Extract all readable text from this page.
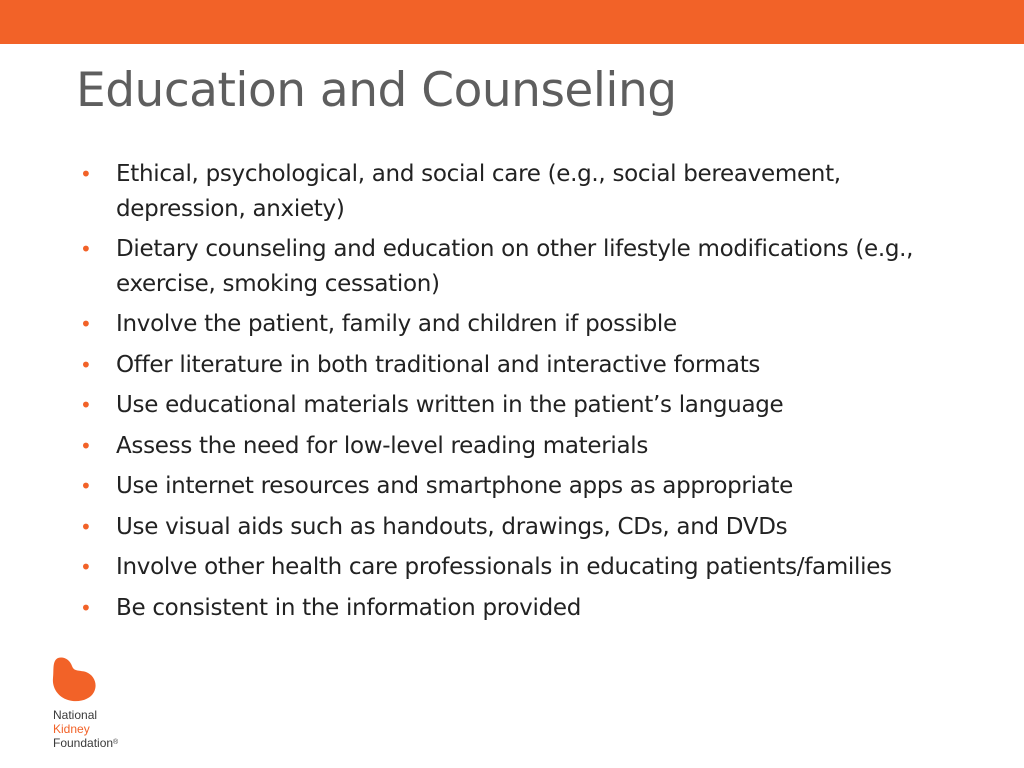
Education and Counseling
• Ethical, psychological, and social care (e.g., social bereavement, depression, anxiety)
• Dietary counseling and education on other lifestyle modifications (e.g., exercise, smoking cessation)
• Involve the patient, family and children if possible
• Offer literature in both traditional and interactive formats
• Use educational materials written in the patient’s language
• Assess the need for low-level reading materials
• Use internet resources and smartphone apps as appropriate
• Use visual aids such as handouts, drawings, CDs, and DVDs
• Involve other health care professionals in educating patients/families
• Be consistent in the information provided
National
Kidney
Foundation®
